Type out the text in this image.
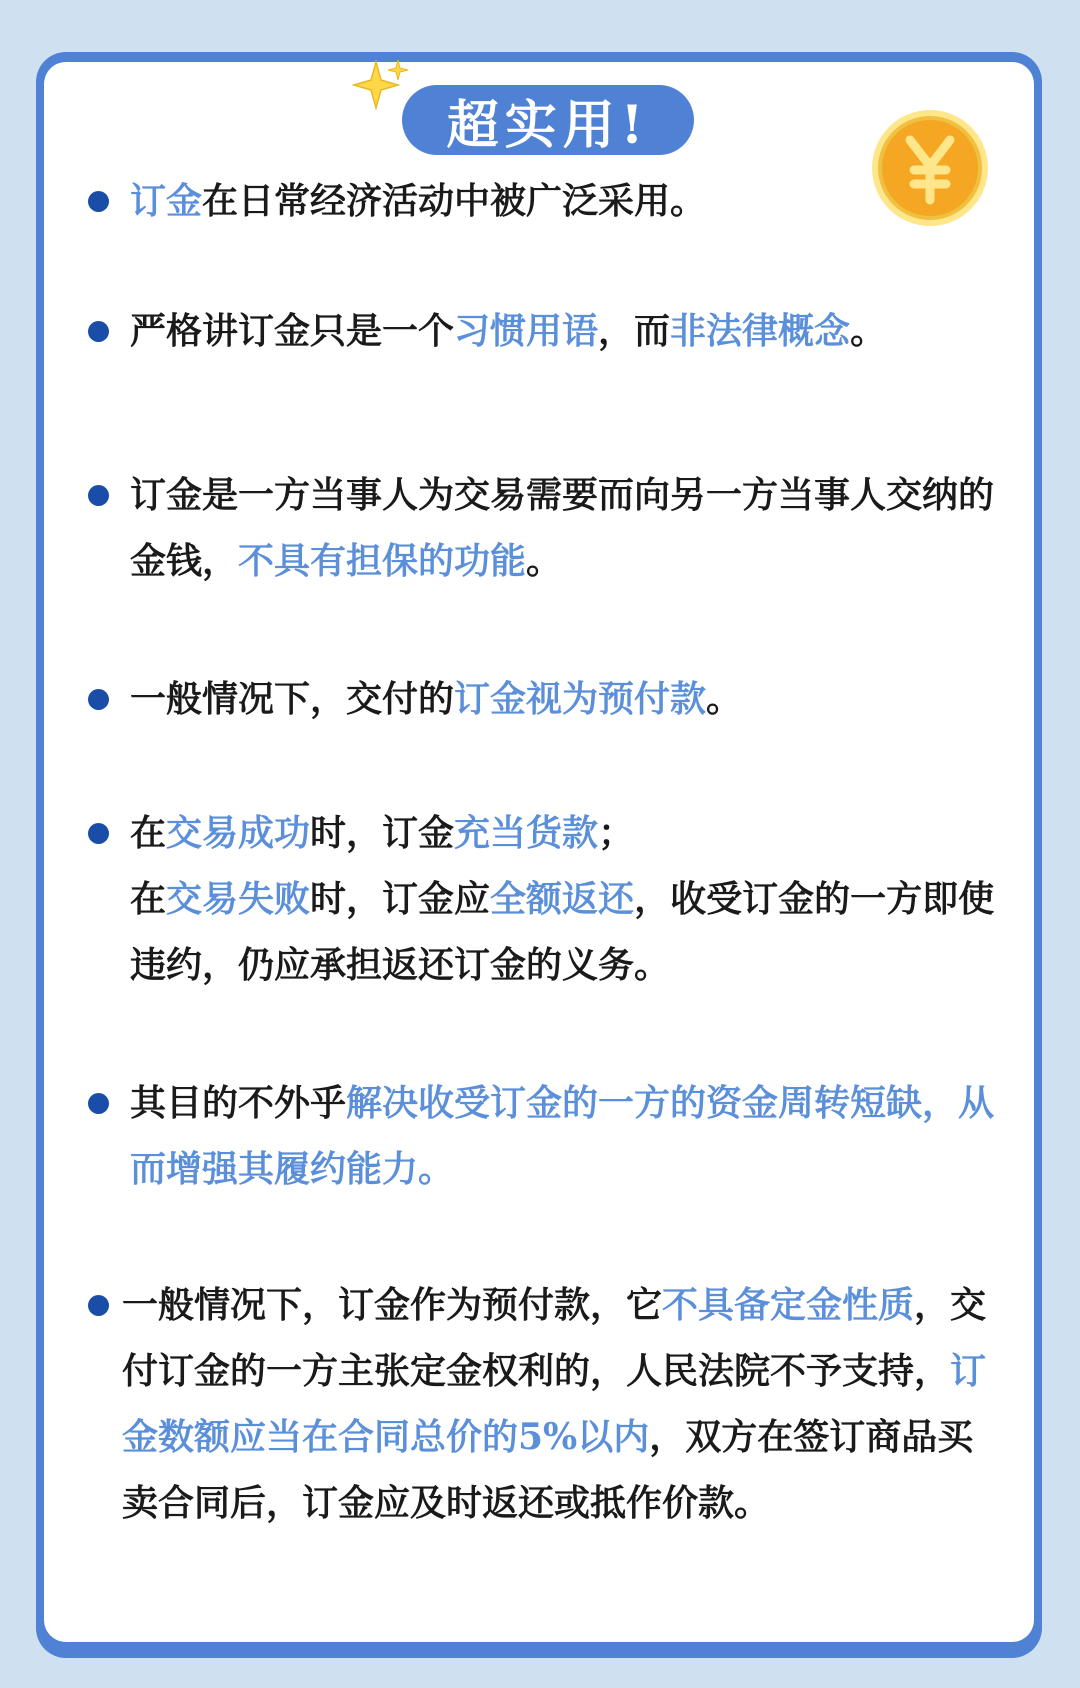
超实用!
订金在日常经济活动中被广泛采用。
严格讲订金只是一个习惯用语，而非法律概念。
订金是一方当事人为交易需要而向另一方当事人交纳的金钱，不具有担保的功能。
一般情况下，交付的订金视为预付款。
在交易成功时，订金充当货款；
在交易失败时，订金应全额返还，收受订金的一方即使违约，仍应承担返还订金的义务。
其目的不外乎解决收受订金的一方的资金周转短缺，从而增强其履约能力。
一般情况下，订金作为预付款，它不具备定金性质，交付订金的一方主张定金权利的，人民法院不予支持，订金数额应当在合同总价的5%以内，双方在签订商品买卖合同后，订金应及时返还或抵作价款。
